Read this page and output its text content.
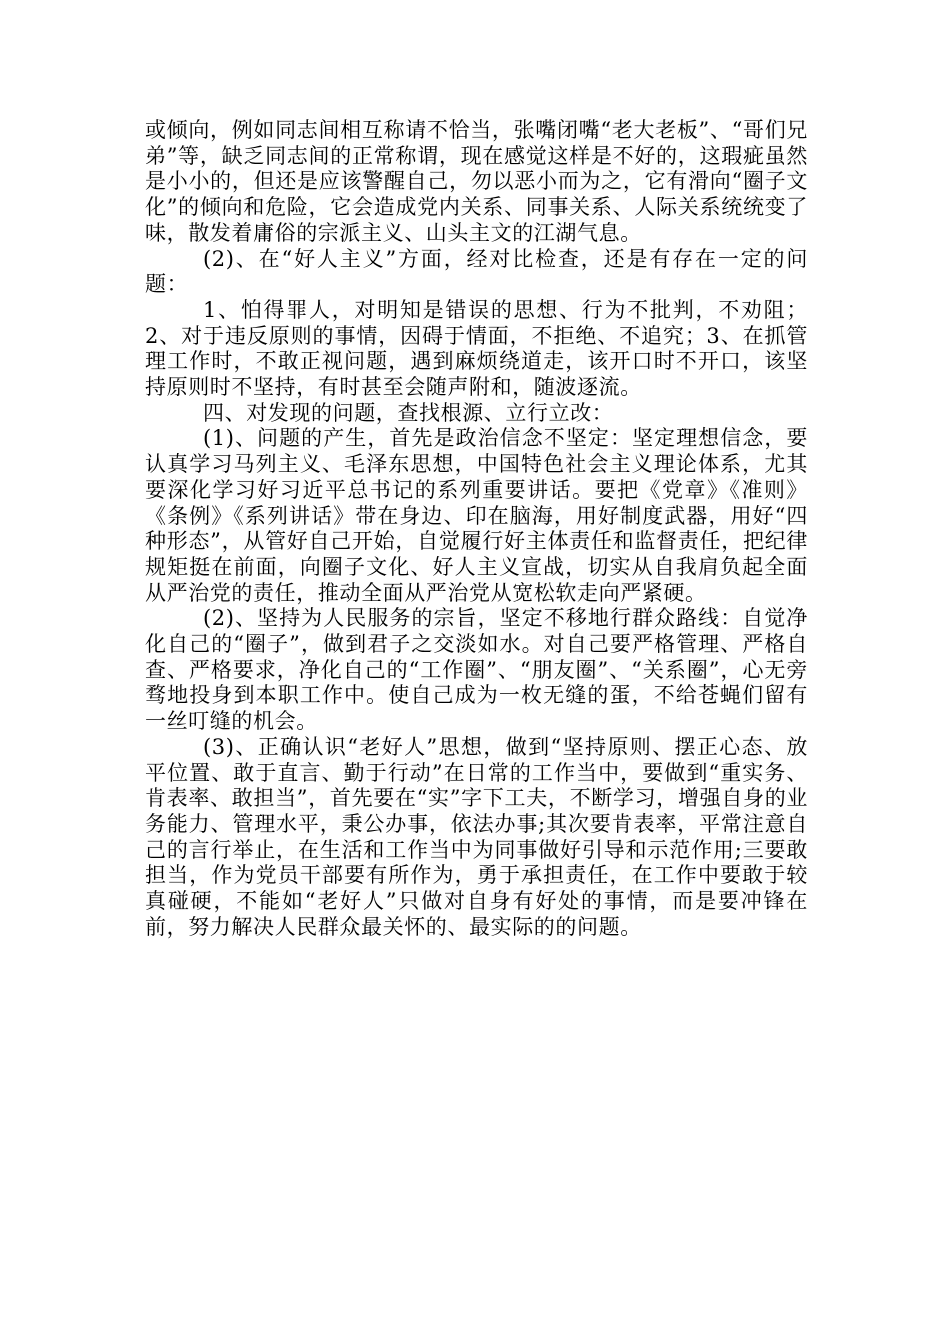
或倾向，例如同志间相互称请不恰当，张嘴闭嘴“老大老板”、“哥们兄弟”等，缺乏同志间的正常称谓，现在感觉这样是不好的，这瑕疵虽然是小小的，但还是应该警醒自己，勿以恶小而为之，它有滑向“圈子文化”的倾向和危险，它会造成党内关系、同事关系、人际关系统统变了味，散发着庸俗的宗派主义、山头主文的江湖气息。

(2)、在“好人主义”方面，经对比检查，还是有存在一定的问题：

1、怕得罪人，对明知是错误的思想、行为不批判，不劝阻；2、对于违反原则的事情，因碍于情面，不拒绝、不追究；3、在抓管理工作时，不敢正视问题，遇到麻烦绕道走，该开口时不开口，该坚持原则时不坚持，有时甚至会随声附和，随波逐流。

四、对发现的问题，查找根源、立行立改：

(1)、问题的产生，首先是政治信念不坚定：坚定理想信念，要认真学习马列主义、毛泽东思想，中国特色社会主义理论体系，尤其要深化学习好习近平总书记的系列重要讲话。要把《党章》《准则》《条例》《系列讲话》带在身边、印在脑海，用好制度武器，用好“四种形态”，从管好自己开始，自觉履行好主体责任和监督责任，把纪律规矩挺在前面，向圈子文化、好人主义宣战，切实从自我肩负起全面从严治党的责任，推动全面从严治党从宽松软走向严紧硬。

(2)、坚持为人民服务的宗旨，坚定不移地行群众路线：自觉净化自己的“圈子”，做到君子之交淡如水。对自己要严格管理、严格自查、严格要求，净化自己的“工作圈”、“朋友圈”、“关系圈”，心无旁骛地投身到本职工作中。使自己成为一枚无缝的蛋，不给苍蝇们留有一丝叮缝的机会。

(3)、正确认识“老好人”思想，做到“坚持原则、摆正心态、放平位置、敢于直言、勤于行动”在日常的工作当中，要做到“重实务、肯表率、敢担当”，首先要在“实”字下工夫，不断学习，增强自身的业务能力、管理水平，秉公办事，依法办事;其次要肯表率，平常注意自己的言行举止，在生活和工作当中为同事做好引导和示范作用;三要敢担当，作为党员干部要有所作为，勇于承担责任，在工作中要敢于较真碰硬，不能如“老好人”只做对自身有好处的事情，而是要冲锋在前，努力解决人民群众最关怀的、最实际的的问题。
